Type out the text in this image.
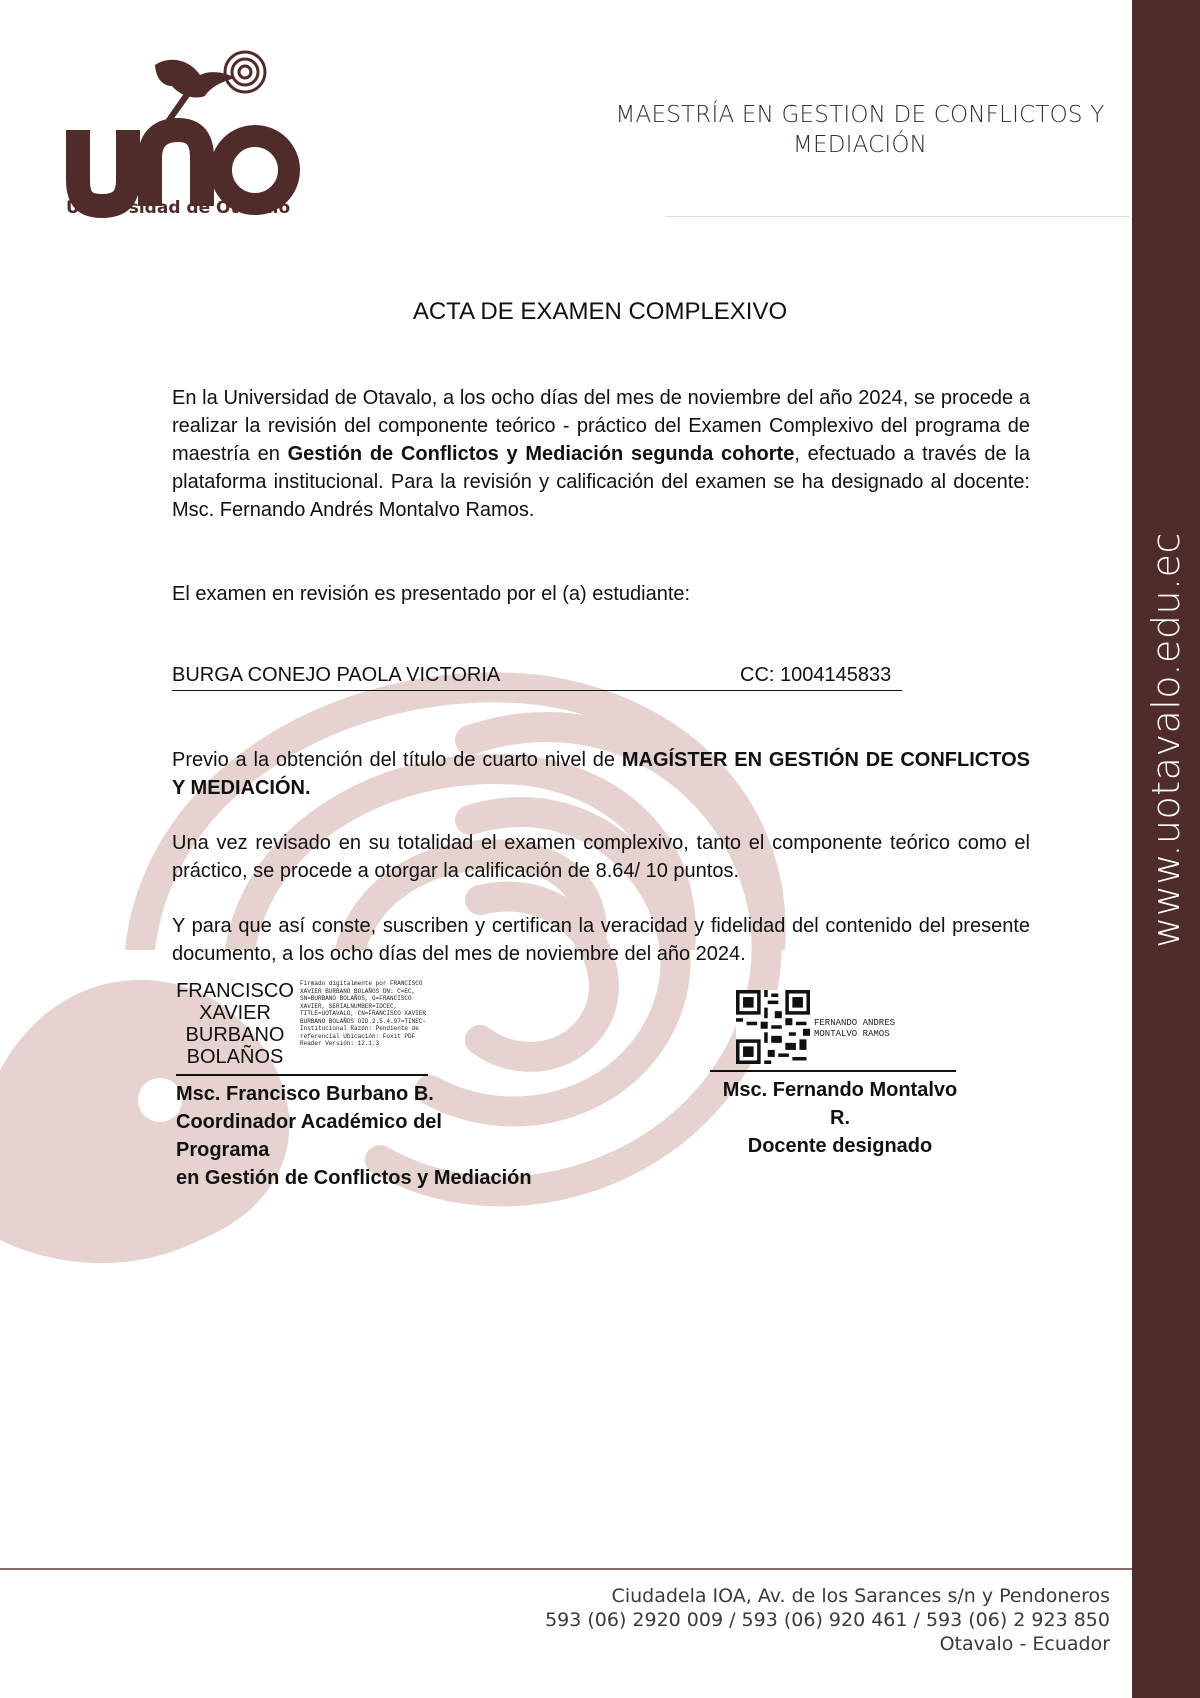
Universidad de Otavalo
MAESTRÍA EN GESTION DE CONFLICTOS Y
MEDIACIÓN
www.uotavalo.edu.ec
ACTA DE EXAMEN COMPLEXIVO
En la Universidad de Otavalo, a los ocho días del mes de noviembre del año 2024, se procede a realizar la revisión del componente teórico - práctico del Examen Complexivo del programa de maestría en Gestión de Conflictos y Mediación segunda cohorte, efectuado a través de la plataforma institucional. Para la revisión y calificación del examen se ha designado al docente: Msc. Fernando Andrés Montalvo Ramos.
El examen en revisión es presentado por el (a) estudiante:
BURGA CONEJO PAOLA VICTORIA	CC: 1004145833
Previo a la obtención del título de cuarto nivel de MAGÍSTER EN GESTIÓN DE CONFLICTOS Y MEDIACIÓN.
Una vez revisado en su totalidad el examen complexivo, tanto el componente teórico como el práctico, se procede a otorgar la calificación de 8.64/ 10 puntos.
Y para que así conste, suscriben y certifican la veracidad y fidelidad del contenido del presente documento, a los ocho días del mes de noviembre del año 2024.
FRANCISCO
XAVIER
BURBANO
BOLAÑOS
Firmado digitalmente por FRANCISCO XAVIER BURBANO BOLAÑOS DN: C=EC, SN=BURBANO BOLAÑOS, G=FRANCISCO XAVIER, SERIALNUMBER=IDCEC, TITLE=UOTAVALO, CN=FRANCISCO XAVIER BURBANO BOLAÑOS OID.2.5.4.97=TINEC- Institucional Razón: Pendiente de referencial Ubicación: Foxit PDF Reader Versión: 12.1.3
Msc. Francisco Burbano B.
Coordinador Académico del Programa
en Gestión de Conflictos y Mediación
FERNANDO ANDRES MONTALVO RAMOS
Msc. Fernando Montalvo R.
Docente designado
Ciudadela IOA, Av. de los Sarances s/n y Pendoneros
593 (06) 2920 009 / 593 (06) 920 461 / 593 (06) 2 923 850
Otavalo - Ecuador
